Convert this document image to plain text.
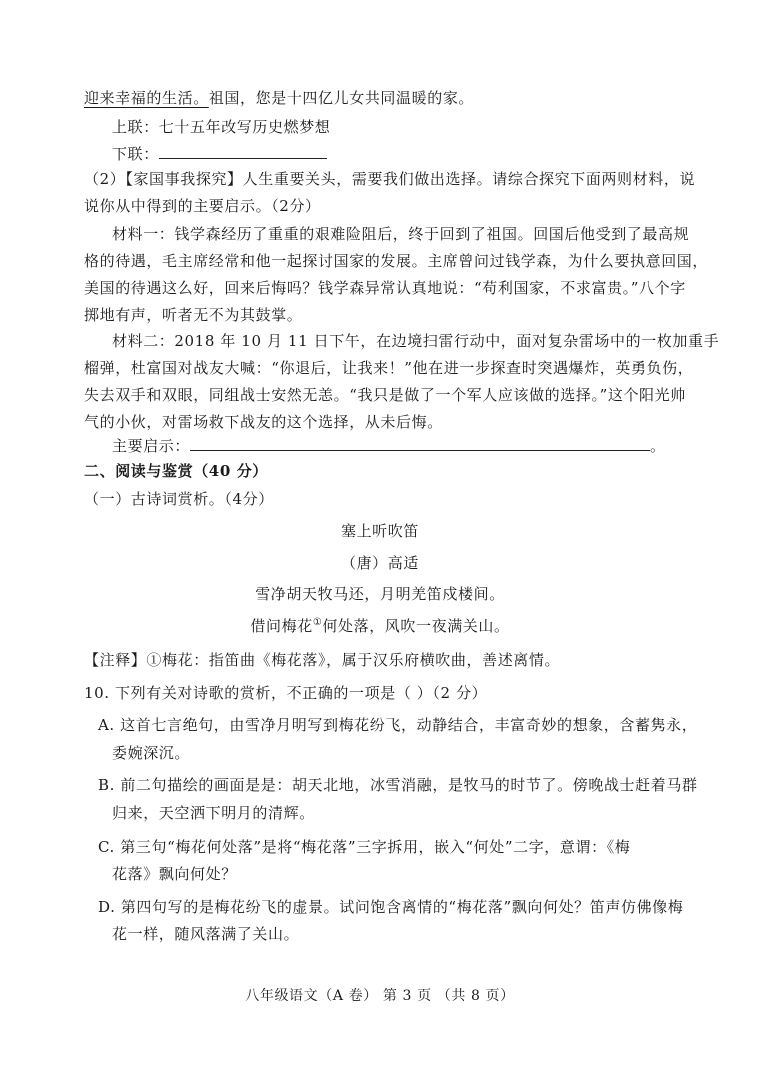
迎来幸福的生活。祖国，您是十四亿儿女共同温暖的家。
上联：七十五年改写历史燃梦想
下联：
（2）【家国事我探究】人生重要关头，需要我们做出选择。请综合探究下面两则材料，说
说你从中得到的主要启示。（2分）
材料一：钱学森经历了重重的艰难险阻后，终于回到了祖国。回国后他受到了最高规
格的待遇，毛主席经常和他一起探讨国家的发展。主席曾问过钱学森，为什么要执意回国，
美国的待遇这么好，回来后悔吗？钱学森异常认真地说：“苟利国家，不求富贵。”八个字
掷地有声，听者无不为其鼓掌。
材料二：2018 年 10 月 11 日下午，在边境扫雷行动中，面对复杂雷场中的一枚加重手
榴弹，杜富国对战友大喊：“你退后，让我来！”他在进一步探查时突遇爆炸，英勇负伤，
失去双手和双眼，同组战士安然无恙。“我只是做了一个军人应该做的选择。”这个阳光帅
气的小伙，对雷场救下战友的这个选择，从未后悔。
主要启示：	。
二、阅读与鉴赏（40 分）
（一）古诗词赏析。（4分）
塞上听吹笛
（唐）高适
雪净胡天牧马还，月明羌笛戍楼间。
借问梅花①何处落，风吹一夜满关山。
【注释】①梅花：指笛曲《梅花落》，属于汉乐府横吹曲，善述离情。
10. 下列有关对诗歌的赏析，不正确的一项是（ ）（2 分）
A. 这首七言绝句，由雪净月明写到梅花纷飞，动静结合，丰富奇妙的想象，含蓄隽永，
委婉深沉。
B. 前二句描绘的画面是是：胡天北地，冰雪消融，是牧马的时节了。傍晚战士赶着马群
归来，天空洒下明月的清辉。
C. 第三句“梅花何处落”是将“梅花落”三字拆用，嵌入“何处”二字，意谓：《梅
花落》飘向何处？
D. 第四句写的是梅花纷飞的虚景。试问饱含离情的“梅花落”飘向何处？笛声仿佛像梅
花一样，随风落满了关山。
八年级语文（A 卷） 第 3 页 （共 8 页）
